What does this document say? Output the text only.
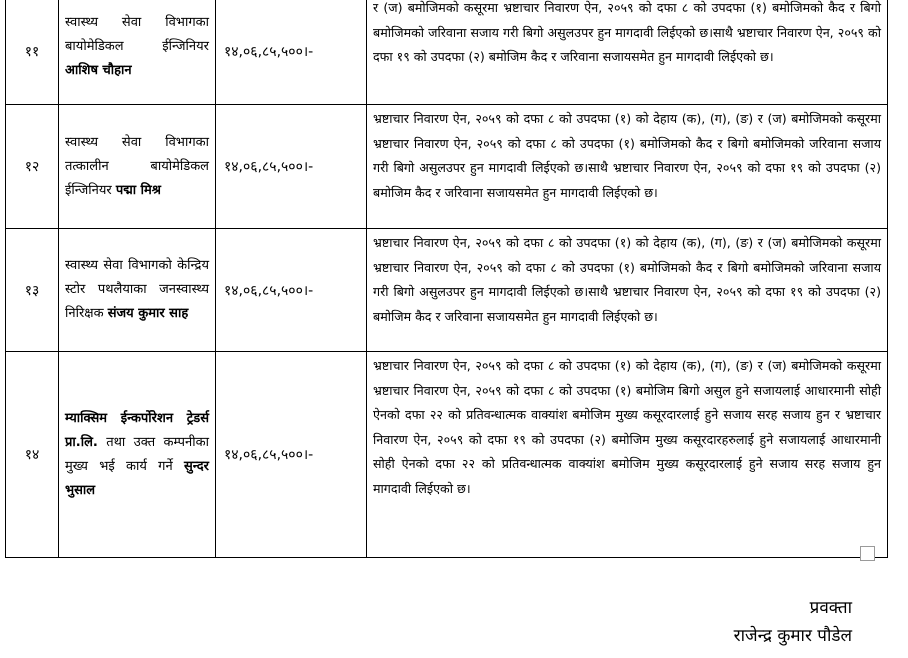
११	स्वास्थ्य सेवा विभागका बायोमेडिकल ईन्जिनियर आशिष चौहान	१४,०६,८५,५००।-	र (ज) बमोजिमको कसूरमा भ्रष्टाचार निवारण ऐन, २०५९ को दफा ८ को उपदफा (१) बमोजिमको कैद र बिगो बमोजिमको जरिवाना सजाय गरी बिगो असुलउपर हुन मागदावी लिईएको छ।साथै भ्रष्टाचार निवारण ऐन, २०५९ को दफा १९ को उपदफा (२) बमोजिम कैद र जरिवाना सजायसमेत हुन मागदावी लिईएको छ।

१२	स्वास्थ्य सेवा विभागका तत्कालीन बायोमेडिकल ईन्जिनियर पद्मा मिश्र	१४,०६,८५,५००।-	भ्रष्टाचार निवारण ऐन, २०५९ को दफा ८ को उपदफा (१) को देहाय (क), (ग), (ङ) र (ज) बमोजिमको कसूरमा भ्रष्टाचार निवारण ऐन, २०५९ को दफा ८ को उपदफा (१) बमोजिमको कैद र बिगो बमोजिमको जरिवाना सजाय गरी बिगो असुलउपर हुन मागदावी लिईएको छ।साथै भ्रष्टाचार निवारण ऐन, २०५९ को दफा १९ को उपदफा (२) बमोजिम कैद र जरिवाना सजायसमेत हुन मागदावी लिईएको छ।
१३	स्वास्थ्य सेवा विभागको केन्द्रिय स्टोर पथलैयाका जनस्वास्थ्य निरिक्षक संजय कुमार साह	१४,०६,८५,५००।-	भ्रष्टाचार निवारण ऐन, २०५९ को दफा ८ को उपदफा (१) को देहाय (क), (ग), (ङ) र (ज) बमोजिमको कसूरमा भ्रष्टाचार निवारण ऐन, २०५९ को दफा ८ को उपदफा (१) बमोजिमको कैद र बिगो बमोजिमको जरिवाना सजाय गरी बिगो असुलउपर हुन मागदावी लिईएको छ।साथै भ्रष्टाचार निवारण ऐन, २०५९ को दफा १९ को उपदफा (२) बमोजिम कैद र जरिवाना सजायसमेत हुन मागदावी लिईएको छ।
१४	म्याक्सिम ईन्कर्पोरेशन ट्रेडर्स प्रा.लि. तथा उक्त कम्पनीका मुख्य भई कार्य गर्ने सुन्दर भुसाल	१४,०६,८५,५००।-	भ्रष्टाचार निवारण ऐन, २०५९ को दफा ८ को उपदफा (१) को देहाय (क), (ग), (ङ) र (ज) बमोजिमको कसूरमा भ्रष्टाचार निवारण ऐन, २०५९ को दफा ८ को उपदफा (१) बमोजिम बिगो असुल हुने सजायलाई आधारमानी सोही ऐनको दफा २२ को प्रतिवन्धात्मक वाक्यांश बमोजिम मुख्य कसूरदारलाई हुने सजाय सरह सजाय हुन र भ्रष्टाचार निवारण ऐन, २०५९ को दफा १९ को उपदफा (२) बमोजिम मुख्य कसूरदारहरुलाई हुने सजायलाई आधारमानी सोही ऐनको दफा २२ को प्रतिवन्धात्मक वाक्यांश बमोजिम मुख्य कसूरदारलाई हुने सजाय सरह सजाय हुन मागदावी लिईएको छ।
प्रवक्ता
राजेन्द्र कुमार पौडेल
